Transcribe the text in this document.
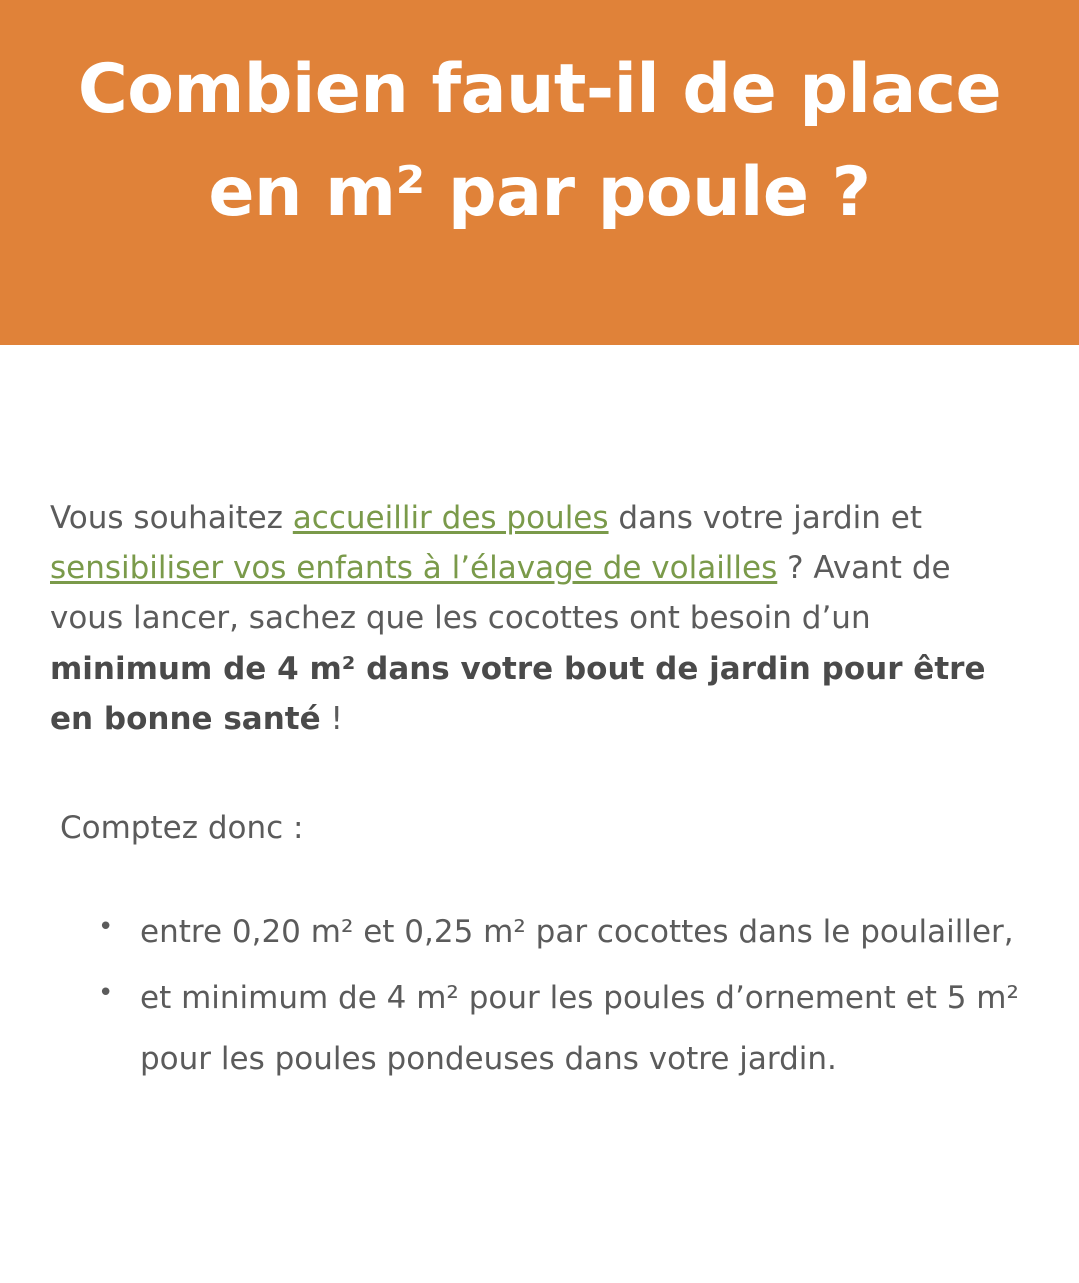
Combien faut-il de place en m² par poule ?

Vous souhaitez accueillir des poules dans votre jardin et sensibiliser vos enfants à l’élavage de volailles ? Avant de vous lancer, sachez que les cocottes ont besoin d’un minimum de 4 m² dans votre bout de jardin pour être en bonne santé !

Comptez donc :

• entre 0,20 m² et 0,25 m² par cocottes dans le poulailler,
• et minimum de 4 m² pour les poules d’ornement et 5 m² pour les poules pondeuses dans votre jardin.
